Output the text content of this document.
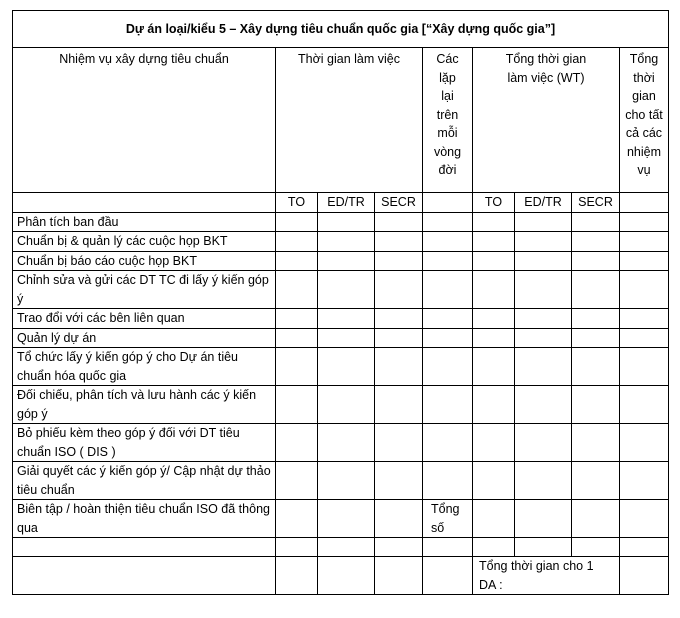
Dự án loại/kiểu 5 – Xây dựng tiêu chuẩn quốc gia [“Xây dựng quốc gia”]								
Nhiệm vụ xây dựng tiêu chuẩn	Thời gian làm việc			Các lặp lại trên mỗi vòng đời	Tổng thời gian làm việc (WT)			Tổng thời gian cho tất cả các nhiệm vụ
	TO	ED/TR	SECR		TO	ED/TR	SECR	
Phân tích ban đầu								
Chuẩn bị & quản lý các cuộc họp BKT								
Chuẩn bị báo cáo cuộc họp BKT								
Chỉnh sửa và gửi các DT TC đi lấy ý kiến góp ý								
Trao đổi với các bên liên quan								
Quản lý dự án								
Tổ chức lấy ý kiến góp ý cho Dự án tiêu chuẩn hóa quốc gia								
Đối chiếu, phân tích và lưu hành các ý kiến góp ý								
Bỏ phiếu kèm theo góp ý đối với DT tiêu chuẩn ISO ( DIS )								
Giải quyết các ý kiến góp ý/ Cập nhật dự thảo tiêu chuẩn								
Biên tập / hoàn thiện tiêu chuẩn ISO đã thông qua				Tổng số				

					Tổng thời gian cho 1 DA :			
